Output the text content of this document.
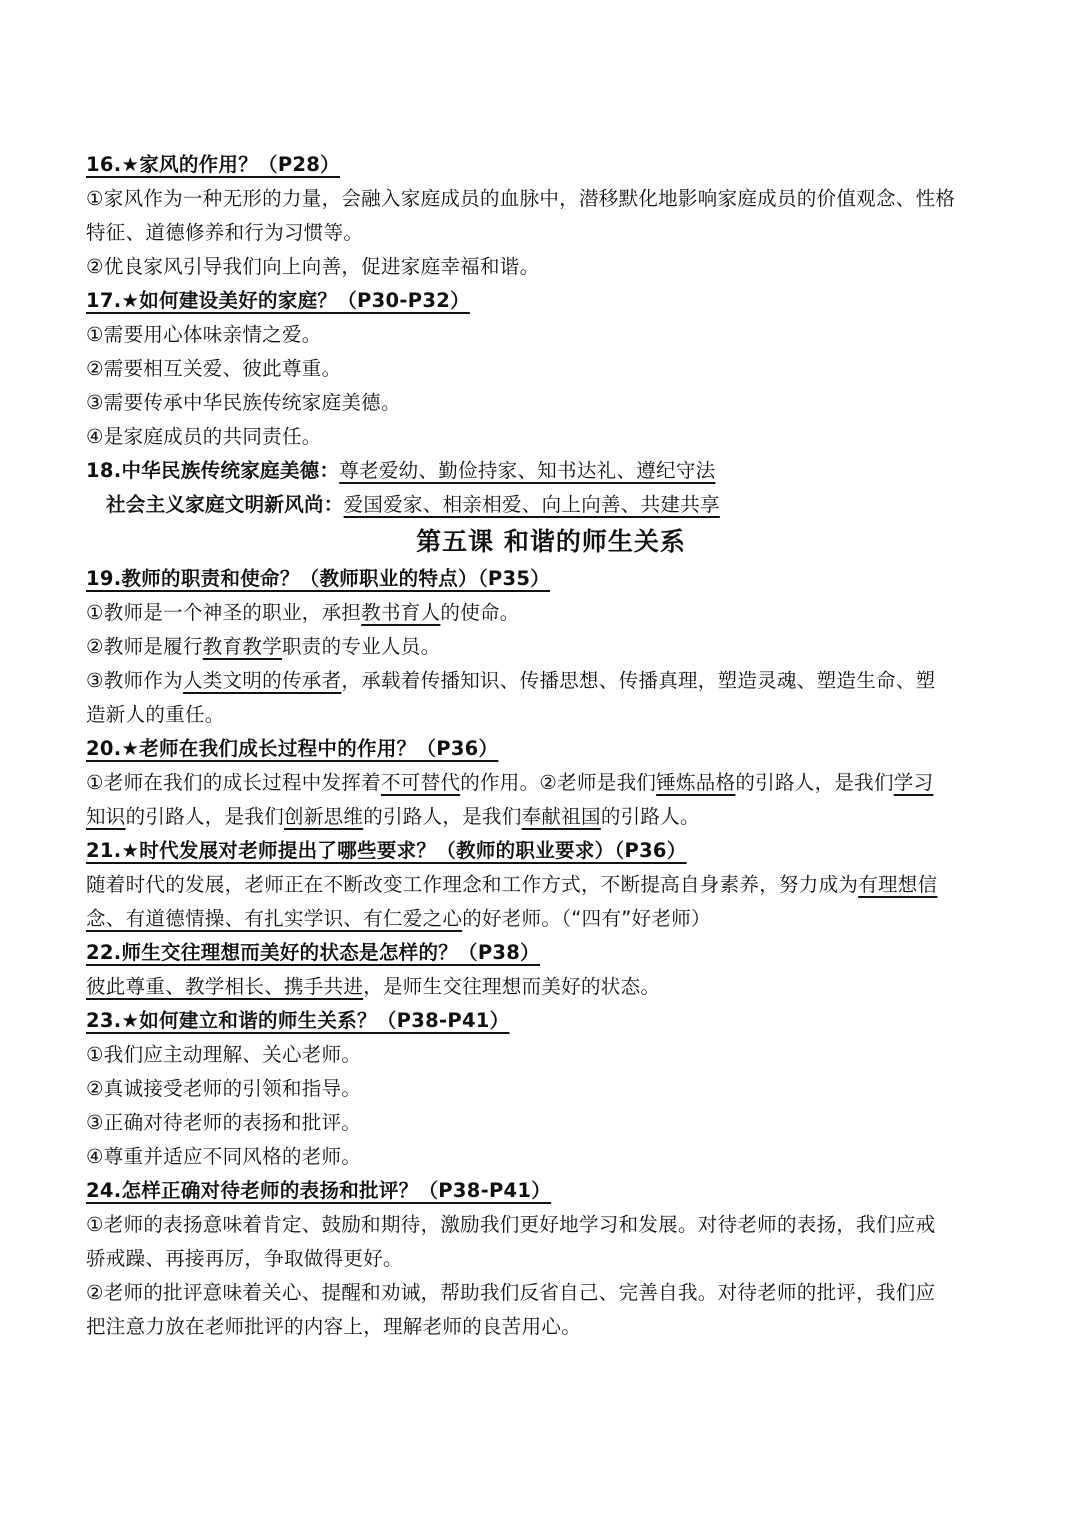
16.★家风的作用？（P28）
①家风作为一种无形的力量，会融入家庭成员的血脉中，潜移默化地影响家庭成员的价值观念、性格
特征、道德修养和行为习惯等。
②优良家风引导我们向上向善，促进家庭幸福和谐。
17.★如何建设美好的家庭？（P30-P32）
①需要用心体味亲情之爱。
②需要相互关爱、彼此尊重。
③需要传承中华民族传统家庭美德。
④是家庭成员的共同责任。
18.中华民族传统家庭美德：尊老爱幼、勤俭持家、知书达礼、遵纪守法
社会主义家庭文明新风尚：爱国爱家、相亲相爱、向上向善、共建共享
第五课 和谐的师生关系
19.教师的职责和使命？（教师职业的特点）（P35）
①教师是一个神圣的职业，承担教书育人的使命。
②教师是履行教育教学职责的专业人员。
③教师作为人类文明的传承者，承载着传播知识、传播思想、传播真理，塑造灵魂、塑造生命、塑
造新人的重任。
20.★老师在我们成长过程中的作用？（P36）
①老师在我们的成长过程中发挥着不可替代的作用。②老师是我们锤炼品格的引路人，是我们学习
知识的引路人，是我们创新思维的引路人，是我们奉献祖国的引路人。
21.★时代发展对老师提出了哪些要求？（教师的职业要求）（P36）
随着时代的发展，老师正在不断改变工作理念和工作方式，不断提高自身素养，努力成为有理想信
念、有道德情操、有扎实学识、有仁爱之心的好老师。（“四有”好老师）
22.师生交往理想而美好的状态是怎样的？（P38）
彼此尊重、教学相长、携手共进，是师生交往理想而美好的状态。
23.★如何建立和谐的师生关系？（P38-P41）
①我们应主动理解、关心老师。
②真诚接受老师的引领和指导。
③正确对待老师的表扬和批评。
④尊重并适应不同风格的老师。
24.怎样正确对待老师的表扬和批评？（P38-P41）
①老师的表扬意味着肯定、鼓励和期待，激励我们更好地学习和发展。对待老师的表扬，我们应戒
骄戒躁、再接再厉，争取做得更好。
②老师的批评意味着关心、提醒和劝诫，帮助我们反省自己、完善自我。对待老师的批评，我们应
把注意力放在老师批评的内容上，理解老师的良苦用心。
